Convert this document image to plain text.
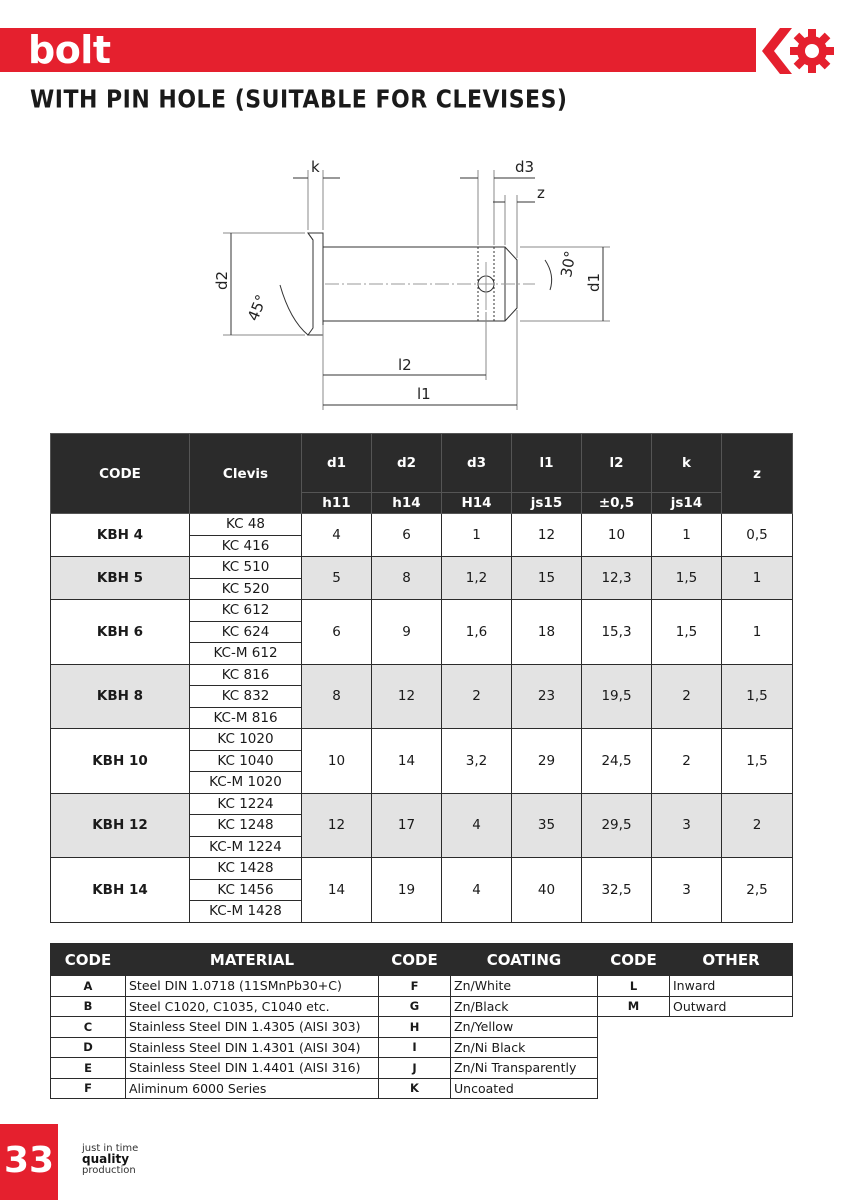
bolt
WITH PIN HOLE (SUITABLE FOR CLEVISES)
k	d3
z
d2
45°
30°
d1
l2
l1
CODE	Clevis	d1	d2	d3	l1	l2	k	z
		h11	h14	H14	js15	±0,5	js14	
KBH 4	KC 48	4	6	1	12	10	1	0,5
	KC 416							
KBH 5	KC 510	5	8	1,2	15	12,3	1,5	1
	KC 520							
KBH 6	KC 612	6	9	1,6	18	15,3	1,5	1
	KC 624							
	KC-M 612							
KBH 8	KC 816	8	12	2	23	19,5	2	1,5
	KC 832							
	KC-M 816							
KBH 10	KC 1020	10	14	3,2	29	24,5	2	1,5
	KC 1040							
	KC-M 1020							
KBH 12	KC 1224	12	17	4	35	29,5	3	2
	KC 1248							
	KC-M 1224							
KBH 14	KC 1428	14	19	4	40	32,5	3	2,5
	KC 1456							
	KC-M 1428							
CODE	MATERIAL
A	Steel DIN 1.0718 (11SMnPb30+C)
B	Steel C1020, C1035, C1040 etc.
C	Stainless Steel DIN 1.4305 (AISI 303)
D	Stainless Steel DIN 1.4301 (AISI 304)
E	Stainless Steel DIN 1.4401 (AISI 316)
F	Aliminum 6000 Series
CODE	COATING
F	Zn/White
G	Zn/Black
H	Zn/Yellow
I	Zn/Ni Black
J	Zn/Ni Transparently
K	Uncoated
CODE	OTHER
L	Inward
M	Outward
33	just in time
quality
production
